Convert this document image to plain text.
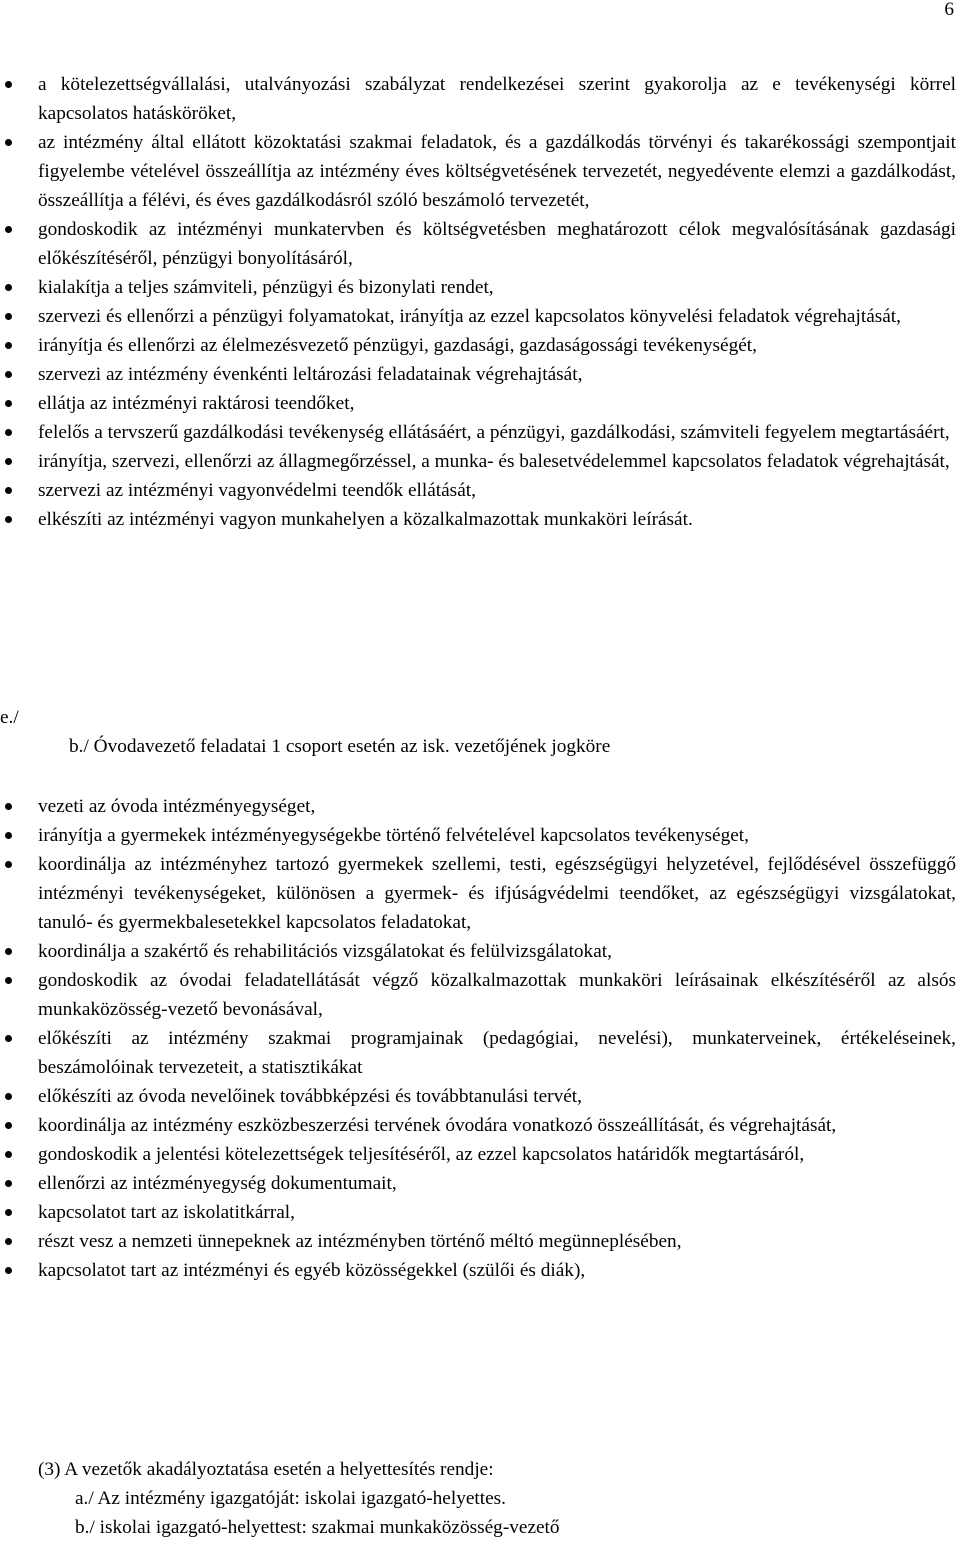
6
a kötelezettségvállalási, utalványozási szabályzat rendelkezései szerint gyakorolja az e tevékenységi körrel kapcsolatos hatásköröket,
az intézmény által ellátott közoktatási szakmai feladatok, és a gazdálkodás törvényi és takarékossági szempontjait figyelembe vételével összeállítja az intézmény éves költségvetésének tervezetét, negyedévente elemzi a gazdálkodást, összeállítja a félévi, és éves gazdálkodásról szóló beszámoló tervezetét,
gondoskodik az intézményi munkatervben és költségvetésben meghatározott célok megvalósításának gazdasági előkészítéséről, pénzügyi bonyolításáról,
kialakítja a teljes számviteli, pénzügyi és bizonylati rendet,
szervezi és ellenőrzi a pénzügyi folyamatokat, irányítja az ezzel kapcsolatos könyvelési feladatok végrehajtását,
irányítja és ellenőrzi az élelmezésvezető pénzügyi, gazdasági, gazdaságossági tevékenységét,
szervezi az intézmény évenkénti leltározási feladatainak végrehajtását,
ellátja az intézményi raktárosi teendőket,
felelős a tervszerű gazdálkodási tevékenység ellátásáért, a pénzügyi, gazdálkodási, számviteli fegyelem megtartásáért,
irányítja, szervezi, ellenőrzi az állagmegőrzéssel, a munka- és balesetvédelemmel kapcsolatos feladatok végrehajtását,
szervezi az intézményi vagyonvédelmi teendők ellátását,
elkészíti az intézményi vagyon munkahelyen a közalkalmazottak munkaköri leírását.
e./
b./ Óvodavezető feladatai 1 csoport esetén az isk. vezetőjének jogköre
vezeti az óvoda intézményegységet,
irányítja a gyermekek intézményegységekbe történő felvételével kapcsolatos tevékenységet,
koordinálja az intézményhez tartozó gyermekek szellemi, testi, egészségügyi helyzetével, fejlődésével összefüggő intézményi tevékenységeket, különösen a gyermek- és ifjúságvédelmi teendőket, az egészségügyi vizsgálatokat, tanuló- és gyermekbalesetekkel kapcsolatos feladatokat,
koordinálja a szakértő és rehabilitációs vizsgálatokat és felülvizsgálatokat,
gondoskodik az óvodai feladatellátását végző közalkalmazottak munkaköri leírásainak elkészítéséről az alsós munkaközösség-vezető bevonásával,
előkészíti az intézmény szakmai programjainak (pedagógiai, nevelési), munkaterveinek, értékeléseinek, beszámolóinak tervezeteit, a statisztikákat
előkészíti az óvoda nevelőinek továbbképzési és továbbtanulási tervét,
koordinálja az intézmény eszközbeszerzési tervének óvodára vonatkozó összeállítását, és végrehajtását,
gondoskodik a jelentési kötelezettségek teljesítéséről, az ezzel kapcsolatos határidők megtartásáról,
ellenőrzi az intézményegység dokumentumait,
kapcsolatot tart az iskolatitkárral,
részt vesz a nemzeti ünnepeknek az intézményben történő méltó megünneplésében,
kapcsolatot tart az intézményi és egyéb közösségekkel (szülői és diák),
(3) A vezetők akadályoztatása esetén a helyettesítés rendje:
a./ Az intézmény igazgatóját: iskolai igazgató-helyettes.
b./ iskolai igazgató-helyettest: szakmai munkaközösség-vezető
